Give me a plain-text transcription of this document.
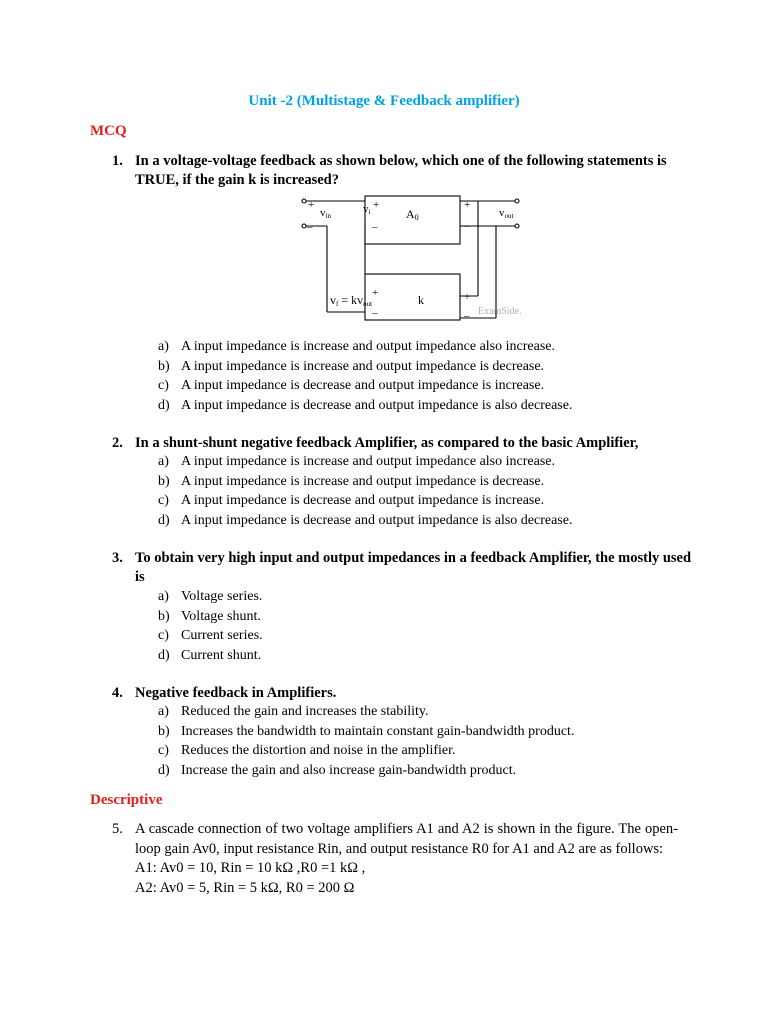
Unit -2 (Multistage & Feedback amplifier)
MCQ
1. In a voltage-voltage feedback as shown below, which one of the following statements is TRUE, if the gain k is increased?
+
_
vin
vi
+
_
A0
+
_
vout
vf = kvout
+
_
k	+
_ ExamSide.
a) A input impedance is increase and output impedance also increase.
b) A input impedance is increase and output impedance is decrease.
c) A input impedance is decrease and output impedance is increase.
d) A input impedance is decrease and output impedance is also decrease.
2. In a shunt-shunt negative feedback Amplifier, as compared to the basic Amplifier,
a) A input impedance is increase and output impedance also increase.
b) A input impedance is increase and output impedance is decrease.
c) A input impedance is decrease and output impedance is increase.
d) A input impedance is decrease and output impedance is also decrease.
3. To obtain very high input and output impedances in a feedback Amplifier, the mostly used is
a) Voltage series.
b) Voltage shunt.
c) Current series.
d) Current shunt.
4. Negative feedback in Amplifiers.
a) Reduced the gain and increases the stability.
b) Increases the bandwidth to maintain constant gain-bandwidth product.
c) Reduces the distortion and noise in the amplifier.
d) Increase the gain and also increase gain-bandwidth product.
Descriptive
5. A cascade connection of two voltage amplifiers A1 and A2 is shown in the figure. The open-loop gain Av0, input resistance Rin, and output resistance R0 for A1 and A2 are as follows:
A1: Av0 = 10, Rin = 10 kΩ ,R0 =1 kΩ ,
A2: Av0 = 5, Rin = 5 kΩ, R0 = 200 Ω
